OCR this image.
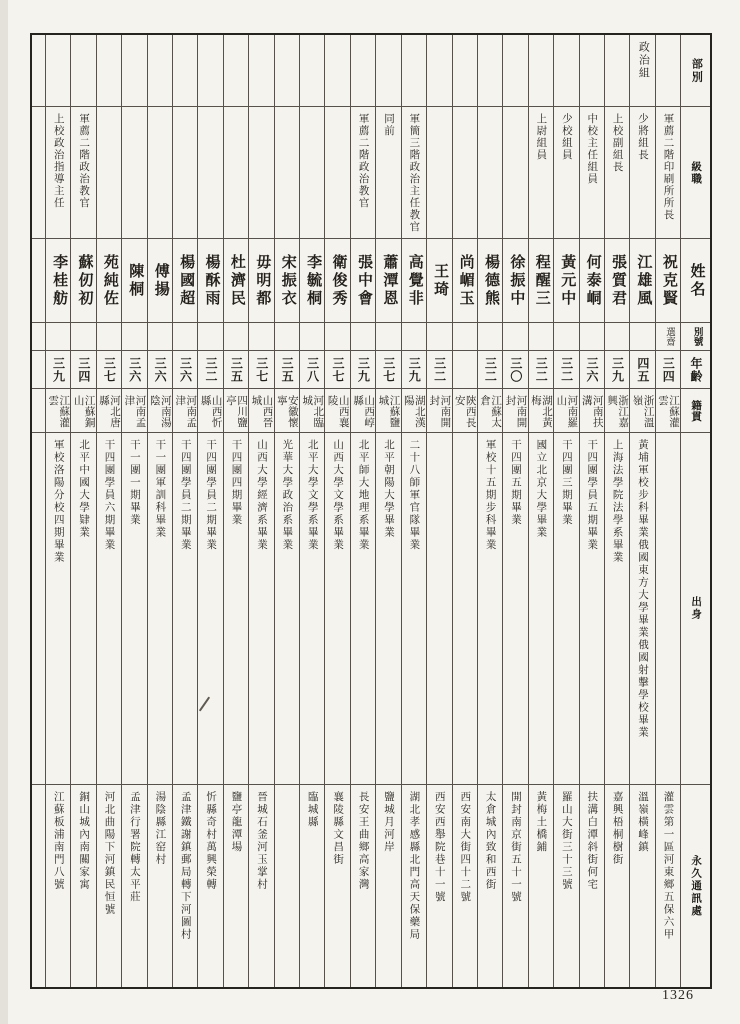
上校政治指導主任
李桂舫
三九
江蘇灌雲
軍校洛陽分校四期畢業
江蘇板浦南門八號
軍薦二階政治教官
蘇仞初
三四
江蘇銅山
北平中國大學肄業
銅山城內南關家寓
苑純佐
三七
河北唐縣
干四團學員六期畢業
河北曲陽下河鎮民恒號
陳桐
三六
河南孟津
干一團一期畢業
孟津行署院轉太平莊
傅揚
三六
河南湯陰
干一團軍訓科畢業
湯陰縣江窑村
楊國超
三六
河南孟津
干四團學員二期畢業
孟津鐵謝鎮郵局轉下河圖村
楊酥雨
三二
山西忻縣
干四團學員二期畢業
忻縣奇村萬興榮轉
杜濟民
三五
四川鹽亭
干四團四期畢業
鹽亭龍潭場
毋明都
三七
山西晉城
山西大學經濟系畢業
晉城石釜河玉掌村
宋振衣
三五
安徽懷寧
光華大學政治系畢業
李毓桐
三八
河北臨城
北平大學文學系畢業
臨城縣
衛俊秀
三七
山西襄陵
山西大學文學系畢業
襄陵縣文昌街
軍薦二階政治教官
張中會
三九
山西崞縣
北平師大地理系畢業
長安王曲鄉高家灣
同前
蕭潭恩
三七
江蘇鹽城
北平朝陽大學畢業
鹽城月河岸
軍簡三階政治主任教官
高覺非
三九
湖北漢陽
二十八師軍官隊畢業
湖北孝感縣北門高天保藥局
王琦
三二
河南開封
西安西舉院巷十一號
尚嵋玉
陝西長安
西安南大街四十二號
楊德熊
三二
江蘇太倉
軍校十五期步科畢業
太倉城內致和西街
徐振中
三〇
河南開封
干四團五期畢業
開封南京街五十一號
上尉組員
程醒三
三二
湖北黃梅
國立北京大學畢業
黃梅土橋鋪
少校組員
黃元中
三二
河南羅山
干四團三期畢業
羅山大街三十三號
中校主任組員
何泰峒
三六
河南扶溝
干四團學員五期畢業
扶溝白潭斜街何宅
上校副組長
張質君
三九
浙江嘉興
上海法學院法學系畢業
嘉興梧桐樹街
政治組
少將組長
江雄風
四五
浙江溫嶺
黃埔軍校步科畢業俄國東方大學畢業俄國射擊學校畢業
溫嶺橫峰鎮
軍薦二階印刷所所長
祝克賢
選齋
三四
江蘇灌雲
灌雲第一區河東鄉五保六甲
部別
級職
姓名
別號
年齡
籍貫
出身
永久通訊處
1326
